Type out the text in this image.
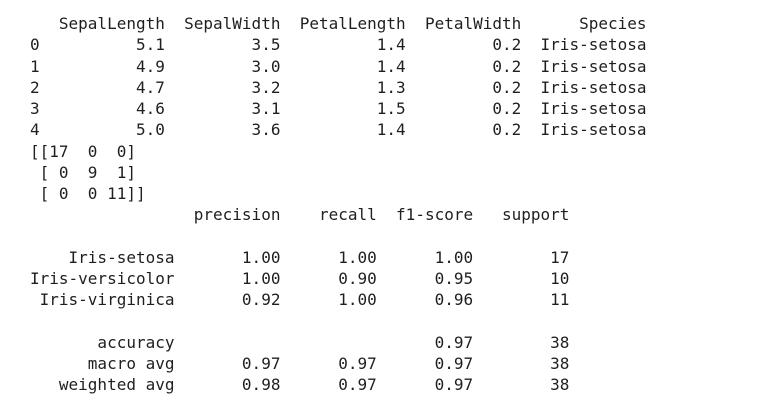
SepalLength  SepalWidth  PetalLength  PetalWidth      Species
0          5.1         3.5          1.4         0.2  Iris-setosa
1          4.9         3.0          1.4         0.2  Iris-setosa
2          4.7         3.2          1.3         0.2  Iris-setosa
3          4.6         3.1          1.5         0.2  Iris-setosa
4          5.0         3.6          1.4         0.2  Iris-setosa
[[17  0  0]
[ 0  9  1]
[ 0  0 11]]
precision    recall  f1-score   support
Iris-setosa       1.00      1.00      1.00        17
Iris-versicolor       1.00      0.90      0.95        10
Iris-virginica       0.92      1.00      0.96        11
accuracy                           0.97        38
macro avg       0.97      0.97      0.97        38
weighted avg       0.98      0.97      0.97        38
